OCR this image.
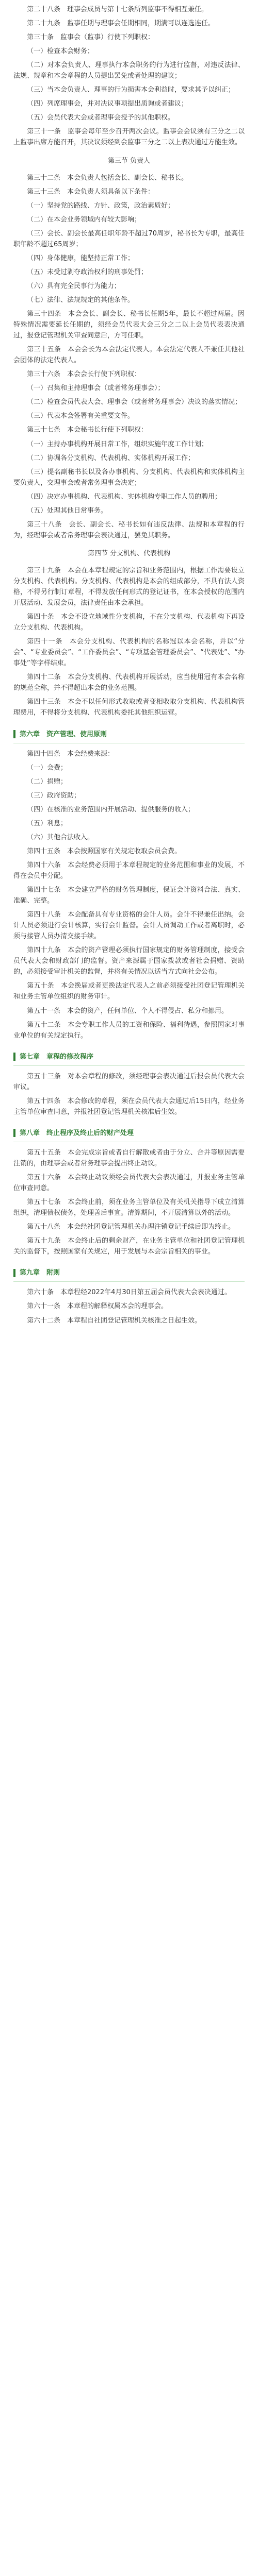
第二十八条　理事会成员与第十七条所列监事不得相互兼任。

第二十九条　监事任期与理事会任期相同，期满可以连选连任。

第三十条　监事会（监事）行使下列职权：

（一）检查本会财务；

（二）对本会负责人、理事执行本会职务的行为进行监督，对违反法律、法规、规章和本会章程的人员提出罢免或者处理的建议；

（三）当本会负责人、理事的行为损害本会利益时，要求其予以纠正；

（四）列席理事会，并对决议事项提出质询或者建议；

（五）会员代表大会或者理事会授予的其他职权。

第三十一条　监事会每年至少召开两次会议。监事会会议须有三分之二以上监事出席方能召开，其决议须经到会监事三分之二以上表决通过方能生效。

第三节 负责人

第三十二条　本会负责人包括会长、副会长、秘书长。

第三十三条　本会负责人须具备以下条件：

（一）坚持党的路线、方针、政策，政治素质好；

（二）在本会业务领域内有较大影响；

（三）会长、副会长最高任职年龄不超过70周岁，秘书长为专职，最高任职年龄不超过65周岁；

（四）身体健康，能坚持正常工作；

（五）未受过剥夺政治权利的刑事处罚；

（六）具有完全民事行为能力；

（七）法律、法规规定的其他条件。

第三十四条　本会会长、副会长、秘书长任期5年，最长不超过两届。因特殊情况需要延长任期的，须经会员代表大会三分之二以上会员代表表决通过，报登记管理机关审查同意后，方可任职。

第三十五条　本会会长为本会法定代表人。本会法定代表人不兼任其他社会团体的法定代表人。

第三十六条　本会会长行使下列职权：

（一）召集和主持理事会（或者常务理事会）；

（二）检查会员代表大会、理事会（或者常务理事会）决议的落实情况；

（三）代表本会签署有关重要文件。

第三十七条　本会秘书长行使下列职权：

（一）主持办事机构开展日常工作，组织实施年度工作计划；

（二）协调各分支机构、代表机构、实体机构开展工作；

（三）提名副秘书长以及各办事机构、分支机构、代表机构和实体机构主要负责人，交理事会或者常务理事会决定；

（四）决定办事机构、代表机构、实体机构专职工作人员的聘用；

（五）处理其他日常事务。

第三十八条　会长、副会长、秘书长如有违反法律、法规和本章程的行为，经理事会或者常务理事会表决通过，罢免其职务。

第四节 分支机构、代表机构

第三十九条　本会在本章程规定的宗旨和业务范围内，根据工作需要设立分支机构、代表机构。分支机构、代表机构是本会的组成部分，不具有法人资格，不得另行制订章程，不得发放任何形式的登记证书，在本会授权的范围内开展活动、发展会员，法律责任由本会承担。

第四十条　本会不设立地域性分支机构，不在分支机构、代表机构下再设立分支机构、代表机构。

第四十一条　本会分支机构、代表机构的名称冠以本会名称，并以“分会”、“专业委员会”、“工作委员会”、“专项基金管理委员会”、“代表处”、“办事处”等字样结束。

第四十二条　本会分支机构、代表机构开展活动，应当使用冠有本会名称的规范全称，并不得超出本会的业务范围。

第四十三条　本会不以任何形式收取或者变相收取分支机构、代表机构管理费用，不得将分支机构、代表机构委托其他组织运营。

第六章　资产管理、使用原则

第四十四条　本会经费来源：

（一）会费；

（二）捐赠；

（三）政府资助；

（四）在核准的业务范围内开展活动、提供服务的收入；

（五）利息；

（六）其他合法收入。

第四十五条　本会按照国家有关规定收取会员会费。

第四十六条　本会经费必须用于本章程规定的业务范围和事业的发展，不得在会员中分配。

第四十七条　本会建立严格的财务管理制度，保证会计资料合法、真实、准确、完整。

第四十八条　本会配备具有专业资格的会计人员。会计不得兼任出纳。会计人员必须进行会计核算，实行会计监督。会计人员调动工作或者离职时，必须与接管人员办清交接手续。

第四十九条　本会的资产管理必须执行国家规定的财务管理制度，接受会员代表大会和财政部门的监督。资产来源属于国家拨款或者社会捐赠、资助的，必须接受审计机关的监督，并将有关情况以适当方式向社会公布。

第五十条　本会换届或者更换法定代表人之前必须接受社团登记管理机关和业务主管单位组织的财务审计。

第五十一条　本会的资产，任何单位、个人不得侵占、私分和挪用。

第五十二条　本会专职工作人员的工资和保险、福利待遇，参照国家对事业单位的有关规定执行。

第七章　章程的修改程序

第五十三条　对本会章程的修改，须经理事会表决通过后报会员代表大会审议。

第五十四条　本会修改的章程，须在会员代表大会通过后15日内，经业务主管单位审查同意，并报社团登记管理机关核准后生效。

第八章　终止程序及终止后的财产处理

第五十五条　本会完成宗旨或者自行解散或者由于分立、合并等原因需要注销的，由理事会或者常务理事会提出终止动议。

第五十六条　本会终止动议须经会员代表大会表决通过，并报业务主管单位审查同意。

第五十七条　本会终止前，须在业务主管单位及有关机关指导下成立清算组织，清理债权债务，处理善后事宜。清算期间，不开展清算以外的活动。

第五十八条　本会经社团登记管理机关办理注销登记手续后即为终止。

第五十九条　本会终止后的剩余财产，在业务主管单位和社团登记管理机关的监督下，按照国家有关规定，用于发展与本会宗旨相关的事业。

第九章　附则

第六十条　本章程经2022年4月30日第五届会员代表大会表决通过。

第六十一条　本章程的解释权属本会的理事会。

第六十二条　本章程自社团登记管理机关核准之日起生效。
